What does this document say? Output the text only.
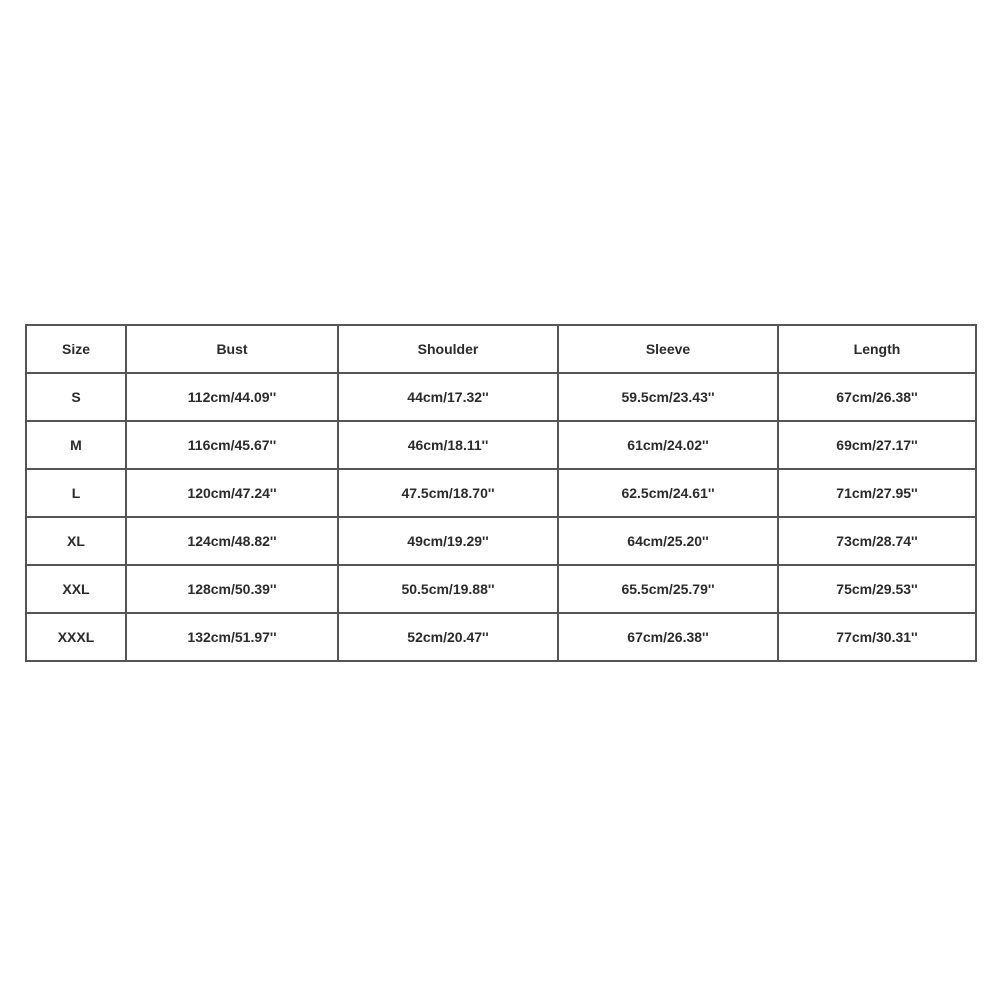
Size	Bust	Shoulder	Sleeve	Length
S	112cm/44.09''	44cm/17.32''	59.5cm/23.43''	67cm/26.38''
M	116cm/45.67''	46cm/18.11''	61cm/24.02''	69cm/27.17''
L	120cm/47.24''	47.5cm/18.70''	62.5cm/24.61''	71cm/27.95''
XL	124cm/48.82''	49cm/19.29''	64cm/25.20''	73cm/28.74''
XXL	128cm/50.39''	50.5cm/19.88''	65.5cm/25.79''	75cm/29.53''
XXXL	132cm/51.97''	52cm/20.47''	67cm/26.38''	77cm/30.31''
